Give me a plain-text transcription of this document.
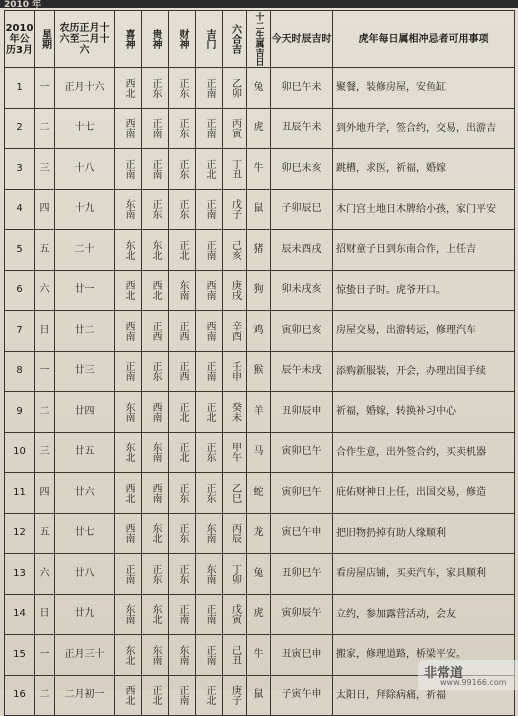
2010 年
2010年公历3月	星期	农历正月十六至二月十六	喜神	贵神	财神	吉门	六合吉	十二生属吉日	今天时辰吉时	虎年每日属相冲忌者可用事项

1	一	正月十六	西北	正东	正东	正南	乙卯	兔	卯巳午未	聚餐，装修房屋，安鱼缸

2	二	十七	西南	正南	正东	正南	丙寅	虎	丑辰午未	到外地升学，签合约，交易，出游吉

3	三	十八	正南	正南	正东	正北	丁丑	牛	卯巳未亥	跳槽，求医，祈福，婚嫁

4	四	十九	东南	正东	正东	正南	戊子	鼠	子卯辰巳	木门宫土地日木牌给小孩，家门平安

5	五	二十	东北	东北	正北	正南	己亥	猪	辰未酉戌	招财童子日到东南合作，上任吉

6	六	廿一	西北	西北	东南	西南	庚戌	狗	卯未戌亥	惊蛰日子时。虎爷开口。

7	日	廿二	西南	正西	正西	西南	辛酉	鸡	寅卯巳亥	房屋交易，出游转运，修理汽车

8	一	廿三	正南	正东	正西	正南	壬申	猴	辰午未戌	添购新服装，开会，办理出国手续

9	二	廿四	东南	西南	正北	正北	癸未	羊	丑卯辰申	祈福，婚嫁，转换补习中心

10	三	廿五	东北	东南	正北	正东	甲午	马	寅卯巳午	合作生意，出外签合约，买卖机器

11	四	廿六	西北	西南	正东	正东	乙巳	蛇	寅卯巳午	庇佑财神日上任，出国交易，修造

12	五	廿七	西南	东北	正东	东南	丙辰	龙	寅巳午申	把旧物扔掉有助人缘顺利

13	六	廿八	正南	正东	正东	东南	丁卯	兔	丑卯巳午	看房屋店铺，买卖汽车，家具顺利

14	日	廿九	东南	东北	正南	正南	戊寅	虎	寅卯辰午	立约，参加露营活动，会友

15	一	正月三十	东北	东南	东南	正南	己丑	牛	丑寅巳申	搬家，修理道路，桥梁平安。

16	二	二月初一	西北	正北	正南	正北	庚子	鼠	子寅午申	太阳日，拜除病痛，祈福
非常道
www.99166.com
